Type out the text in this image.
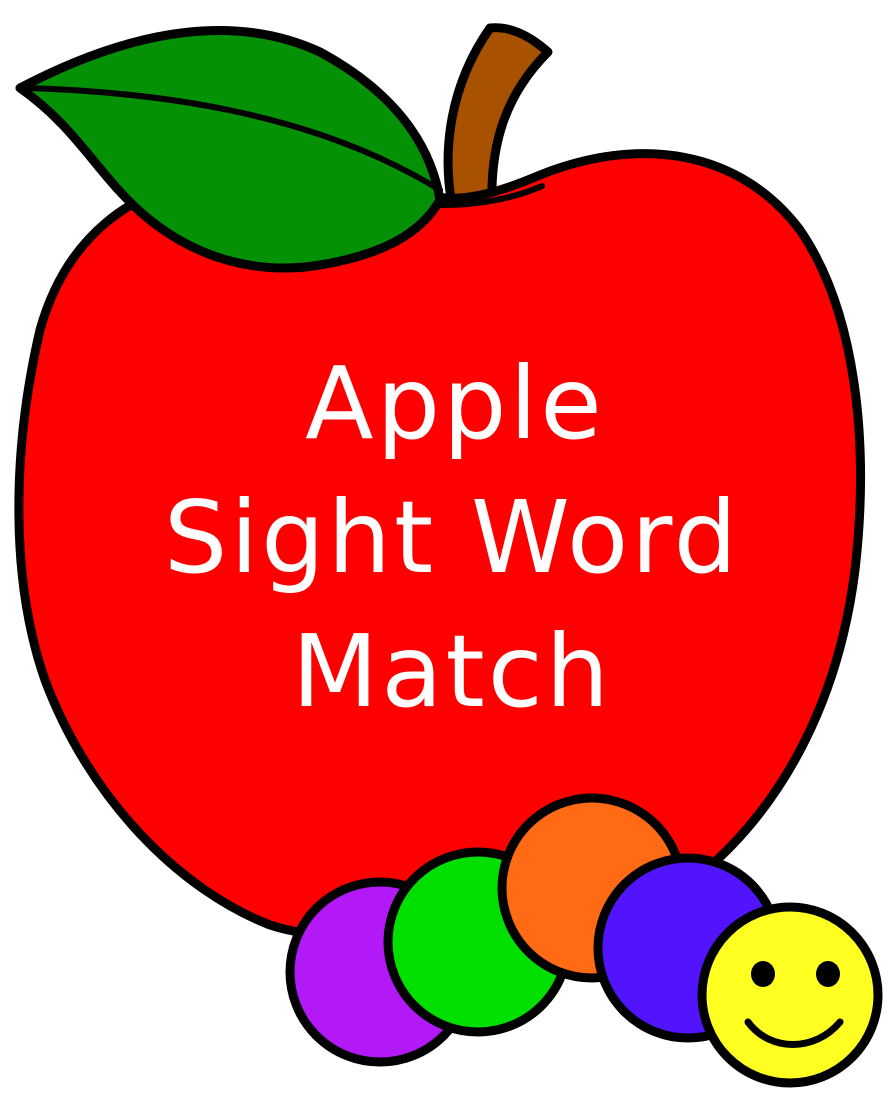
Apple
Sight Word
Match
